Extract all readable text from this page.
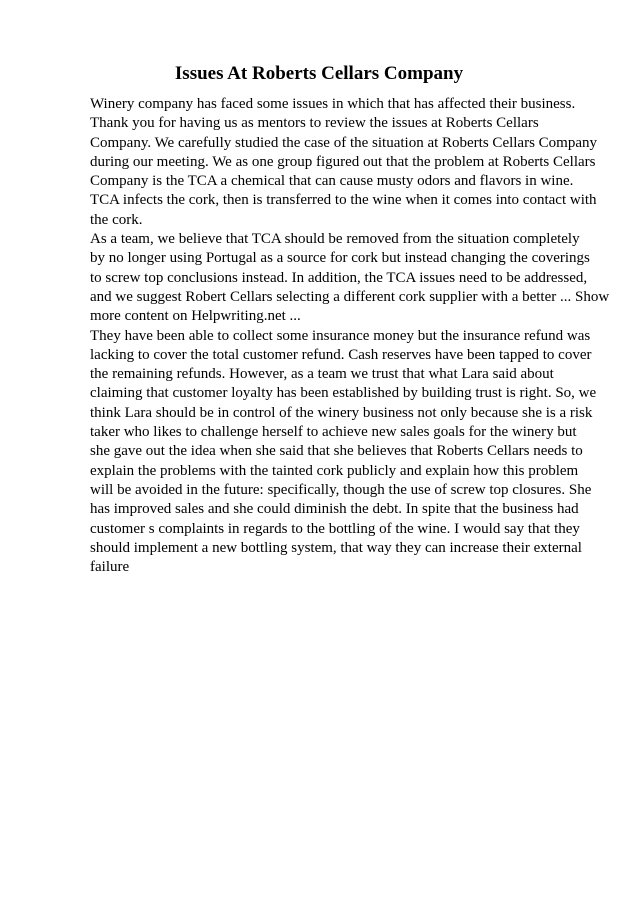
Issues At Roberts Cellars Company
Winery company has faced some issues in which that has affected their business.
Thank you for having us as mentors to review the issues at Roberts Cellars
Company. We carefully studied the case of the situation at Roberts Cellars Company
during our meeting. We as one group figured out that the problem at Roberts Cellars
Company is the TCA a chemical that can cause musty odors and flavors in wine.
TCA infects the cork, then is transferred to the wine when it comes into contact with
the cork.
As a team, we believe that TCA should be removed from the situation completely
by no longer using Portugal as a source for cork but instead changing the coverings
to screw top conclusions instead. In addition, the TCA issues need to be addressed,
and we suggest Robert Cellars selecting a different cork supplier with a better ... Show
more content on Helpwriting.net ...
They have been able to collect some insurance money but the insurance refund was
lacking to cover the total customer refund. Cash reserves have been tapped to cover
the remaining refunds. However, as a team we trust that what Lara said about
claiming that customer loyalty has been established by building trust is right. So, we
think Lara should be in control of the winery business not only because she is a risk
taker who likes to challenge herself to achieve new sales goals for the winery but
she gave out the idea when she said that she believes that Roberts Cellars needs to
explain the problems with the tainted cork publicly and explain how this problem
will be avoided in the future: specifically, though the use of screw top closures. She
has improved sales and she could diminish the debt. In spite that the business had
customer s complaints in regards to the bottling of the wine. I would say that they
should implement a new bottling system, that way they can increase their external
failure
